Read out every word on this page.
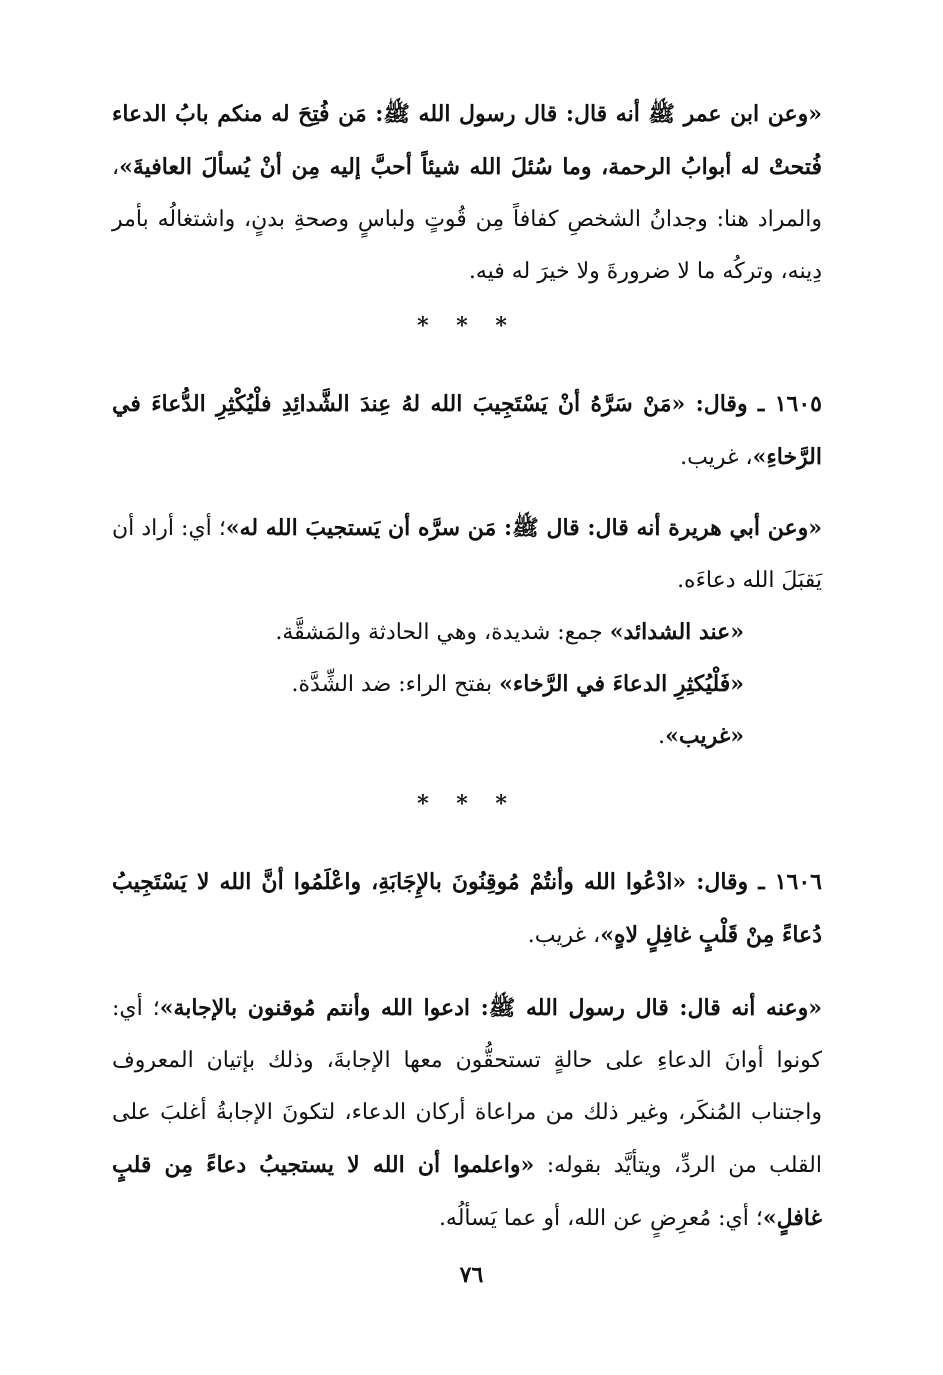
«وعن ابن عمر ﷺ أنه قال: قال رسول الله ﷺ: مَن فُتِحَ له منكم بابُ الدعاء فُتحتْ له أبوابُ الرحمة، وما سُئلَ الله شيئاً أحبَّ إليه مِن أنْ يُسألَ العافيةَ»، والمراد هنا: وجدانُ الشخصِ كفافاً مِن قُوتٍ ولباسٍ وصحةِ بدنٍ، واشتغالُه بأمر دِينه، وتركُه ما لا ضرورةَ ولا خيرَ له فيه.

* * *

١٦٠٥ ـ وقال: «مَنْ سَرَّهُ أنْ يَسْتَجِيبَ الله لهُ عِندَ الشَّدائِدِ فلْيُكْثِرِ الدُّعاءَ في الرَّخاءِ»، غريب.

«وعن أبي هريرة أنه قال: قال ﷺ: مَن سرَّه أن يَستجيبَ الله له»؛ أي: أراد أن يَقبَلَ الله دعاءَه.

«عند الشدائد» جمع: شديدة، وهي الحادثة والمَشقَّة.

«فَلْيُكثِرِ الدعاءَ في الرَّخاء» بفتح الراء: ضد الشِّدَّة.

«غريب».

* * *

١٦٠٦ ـ وقال: «ادْعُوا الله وأنتُمْ مُوقِنُونَ بالإِجَابَةِ، واعْلَمُوا أنَّ الله لا يَسْتَجِيبُ دُعاءً مِنْ قَلْبٍ غافِلٍ لاهٍ»، غريب.

«وعنه أنه قال: قال رسول الله ﷺ: ادعوا الله وأنتم مُوقنون بالإجابة»؛ أي: كونوا أوانَ الدعاءِ على حالةٍ تستحقُّون معها الإجابةَ، وذلك بإتيان المعروف واجتناب المُنكَر، وغير ذلك من مراعاة أركان الدعاء، لتكونَ الإجابةُ أغلبَ على القلب من الردِّ، ويتأيَّد بقوله: «واعلموا أن الله لا يستجيبُ دعاءً مِن قلبٍ غافلٍ»؛ أي: مُعرِضٍ عن الله، أو عما يَسألُه.

٧٦
